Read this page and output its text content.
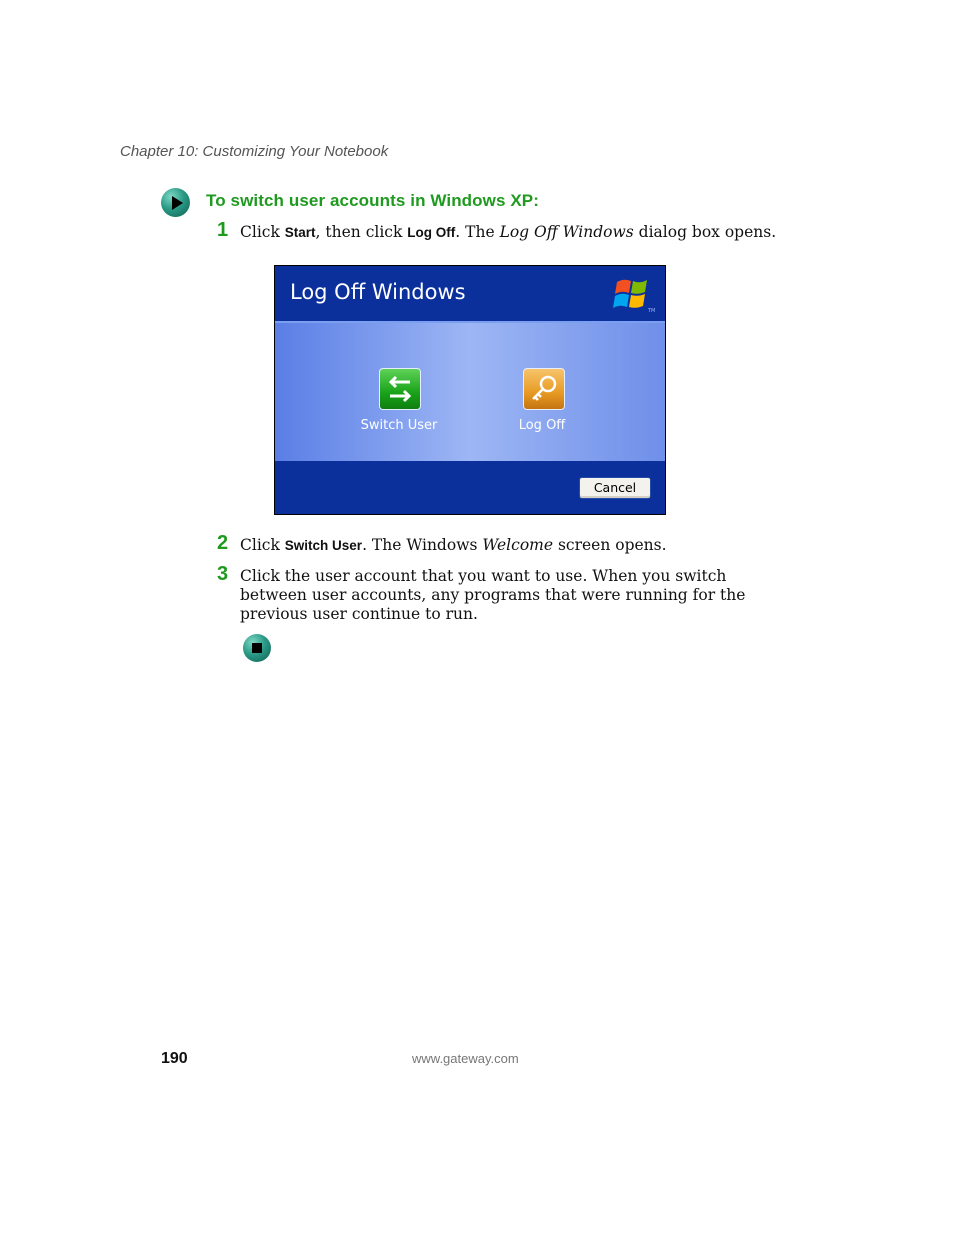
Chapter 10: Customizing Your Notebook
To switch user accounts in Windows XP:
1 Click Start, then click Log Off. The Log Off Windows dialog box opens.
Log Off Windows
TM
Switch User	Log Off
Cancel
2 Click Switch User. The Windows Welcome screen opens.
3 Click the user account that you want to use. When you switch between user accounts, any programs that were running for the previous user continue to run.
190	www.gateway.com
